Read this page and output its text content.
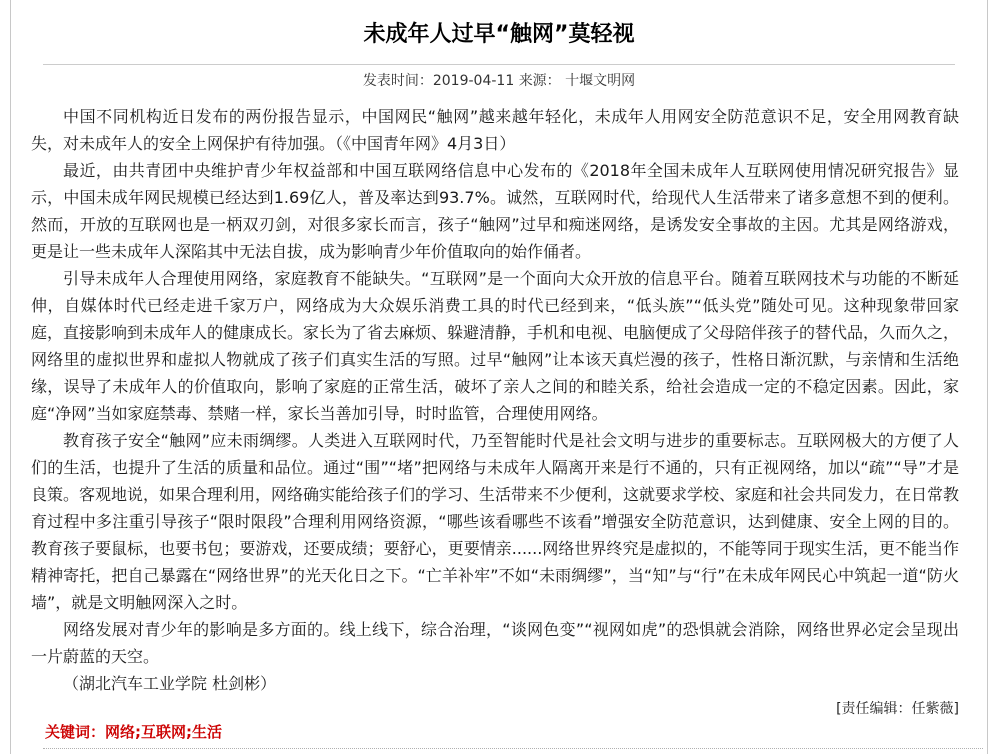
未成年人过早“触网”莫轻视
发表时间：2019-04-11 来源： 十堰文明网

中国不同机构近日发布的两份报告显示，中国网民“触网”越来越年轻化，未成年人用网安全防范意识不足，安全用网教育缺失，对未成年人的安全上网保护有待加强。（《中国青年网》4月3日）

最近，由共青团中央维护青少年权益部和中国互联网络信息中心发布的《2018年全国未成年人互联网使用情况研究报告》显示，中国未成年网民规模已经达到1.69亿人，普及率达到93.7%。诚然，互联网时代，给现代人生活带来了诸多意想不到的便利。然而，开放的互联网也是一柄双刃剑，对很多家长而言，孩子“触网”过早和痴迷网络，是诱发安全事故的主因。尤其是网络游戏，更是让一些未成年人深陷其中无法自拔，成为影响青少年价值取向的始作俑者。

引导未成年人合理使用网络，家庭教育不能缺失。“互联网”是一个面向大众开放的信息平台。随着互联网技术与功能的不断延伸，自媒体时代已经走进千家万户，网络成为大众娱乐消费工具的时代已经到来，“低头族”“低头党”随处可见。这种现象带回家庭，直接影响到未成年人的健康成长。家长为了省去麻烦、躲避清静，手机和电视、电脑便成了父母陪伴孩子的替代品，久而久之，网络里的虚拟世界和虚拟人物就成了孩子们真实生活的写照。过早“触网”让本该天真烂漫的孩子，性格日渐沉默，与亲情和生活绝缘，误导了未成年人的价值取向，影响了家庭的正常生活，破坏了亲人之间的和睦关系，给社会造成一定的不稳定因素。因此，家庭“净网”当如家庭禁毒、禁赌一样，家长当善加引导，时时监管，合理使用网络。

教育孩子安全“触网”应未雨绸缪。人类进入互联网时代，乃至智能时代是社会文明与进步的重要标志。互联网极大的方便了人们的生活，也提升了生活的质量和品位。通过“围”“堵”把网络与未成年人隔离开来是行不通的，只有正视网络，加以“疏”“导”才是良策。客观地说，如果合理利用，网络确实能给孩子们的学习、生活带来不少便利，这就要求学校、家庭和社会共同发力，在日常教育过程中多注重引导孩子“限时限段”合理利用网络资源，“哪些该看哪些不该看”增强安全防范意识，达到健康、安全上网的目的。教育孩子要鼠标，也要书包；要游戏，还要成绩；要舒心，更要情亲......网络世界终究是虚拟的，不能等同于现实生活，更不能当作精神寄托，把自己暴露在“网络世界”的光天化日之下。“亡羊补牢”不如“未雨绸缪”，当“知”与“行”在未成年网民心中筑起一道“防火墙”，就是文明触网深入之时。

网络发展对青少年的影响是多方面的。线上线下，综合治理，“谈网色变”“视网如虎”的恐惧就会消除，网络世界必定会呈现出一片蔚蓝的天空。

（湖北汽车工业学院 杜剑彬）

[责任编辑：任紫薇]
关键词：网络;互联网;生活
